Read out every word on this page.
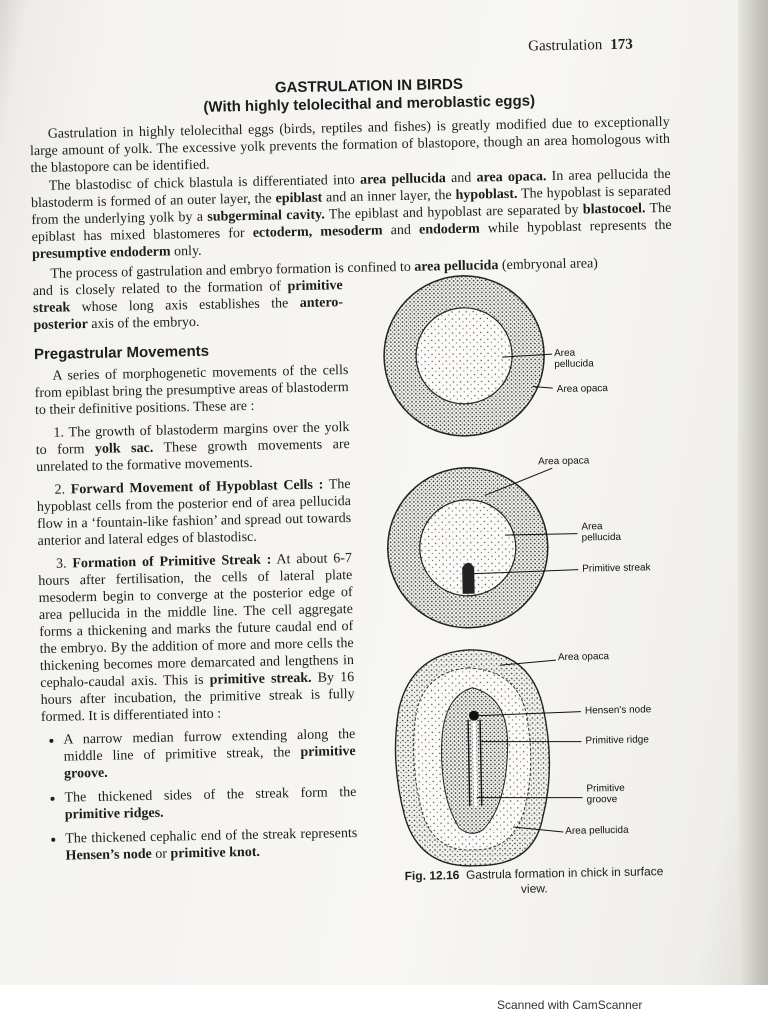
Gastrulation 173
GASTRULATION IN BIRDS
(With highly telolecithal and meroblastic eggs)

Gastrulation in highly telolecithal eggs (birds, reptiles and fishes) is greatly modified due to exceptionally large amount of yolk. The excessive yolk prevents the formation of blastopore, though an area homologous with the blastopore can be identified.

The blastodisc of chick blastula is differentiated into area pellucida and area opaca. In area pellucida the blastoderm is formed of an outer layer, the epiblast and an inner layer, the hypoblast. The hypoblast is separated from the underlying yolk by a subgerminal cavity. The epiblast and hypoblast are separated by blastocoel. The epiblast has mixed blastomeres for ectoderm, mesoderm and endoderm while hypoblast represents the presumptive endoderm only.

The process of gastrulation and embryo formation is confined to area pellucida (embryonal area)

and is closely related to the formation of primitive streak whose long axis establishes the antero-posterior axis of the embryo.

Pregastrular Movements

A series of morphogenetic movements of the cells from epiblast bring the presumptive areas of blastoderm to their definitive positions. These are :

1. The growth of blastoderm margins over the yolk to form yolk sac. These growth movements are unrelated to the formative movements.

2. Forward Movement of Hypoblast Cells : The hypoblast cells from the posterior end of area pellucida flow in a ‘fountain-like fashion’ and spread out towards anterior and lateral edges of blastodisc.

3. Formation of Primitive Streak : At about 6-7 hours after fertilisation, the cells of lateral plate mesoderm begin to converge at the posterior edge of area pellucida in the middle line. The cell aggregate forms a thickening and marks the future caudal end of the embryo. By the addition of more and more cells the thickening becomes more demarcated and lengthens in cephalo-caudal axis. This is primitive streak. By 16 hours after incubation, the primitive streak is fully formed. It is differentiated into :

• A narrow median furrow extending along the middle line of primitive streak, the primitive groove.
• The thickened sides of the streak form the primitive ridges.
• The thickened cephalic end of the streak represents Hensen’s node or primitive knot.
Area pellucida
Area opaca
Area opaca
Area pellucida
Primitive streak
Area opaca
Hensen's node
Primitive ridge
Primitive groove
Area pellucida
Fig. 12.16 Gastrula formation in chick in surface view.
Scanned with CamScanner
